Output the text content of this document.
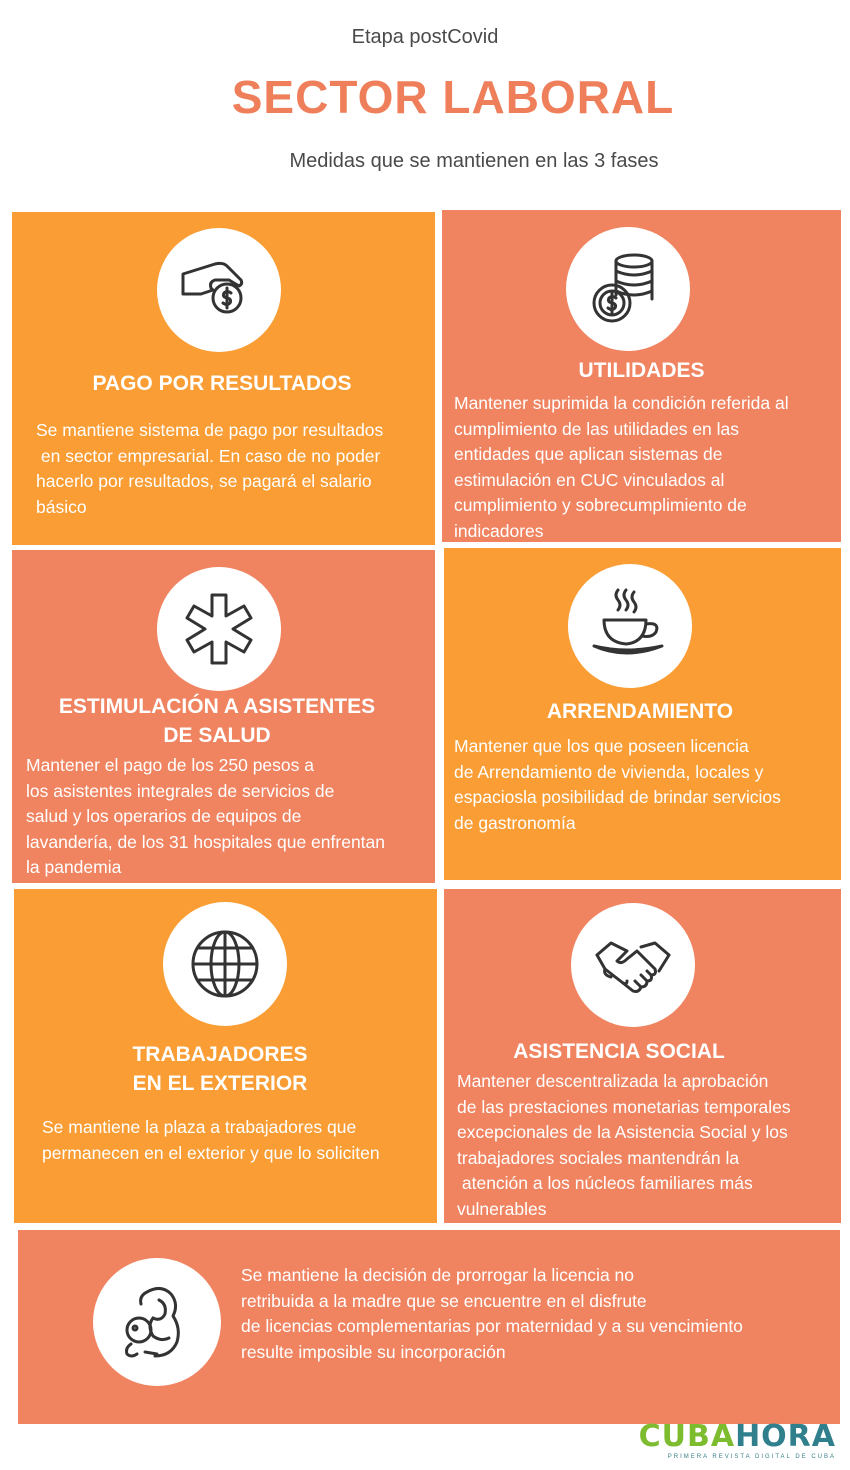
Etapa postCovid
SECTOR LABORAL
Medidas que se mantienen en las 3 fases
PAGO POR RESULTADOS
Se mantiene sistema de pago por resultados
en sector empresarial. En caso de no poder
hacerlo por resultados, se pagará el salario
básico
UTILIDADES
Mantener suprimida la condición referida al
cumplimiento de las utilidades en las
entidades que aplican sistemas de
estimulación en CUC vinculados al
cumplimiento y sobrecumplimiento de
indicadores
ESTIMULACIÓN A ASISTENTES
DE SALUD
Mantener el pago de los 250 pesos a
los asistentes integrales de servicios de
salud y los operarios de equipos de
lavandería, de los 31 hospitales que enfrentan
la pandemia
ARRENDAMIENTO
Mantener que los que poseen licencia
de Arrendamiento de vivienda, locales y
espaciosla posibilidad de brindar servicios
de gastronomía
TRABAJADORES
EN EL EXTERIOR
Se mantiene la plaza a trabajadores que
permanecen en el exterior y que lo soliciten
ASISTENCIA SOCIAL
Mantener descentralizada la aprobación
de las prestaciones monetarias temporales
excepcionales de la Asistencia Social y los
trabajadores sociales mantendrán la
atención a los núcleos familiares más
vulnerables
Se mantiene la decisión de prorrogar la licencia no
retribuida a la madre que se encuentre en el disfrute
de licencias complementarias por maternidad y a su vencimiento
resulte imposible su incorporación
CUBAHORA
PRIMERA REVISTA DIGITAL DE CUBA
